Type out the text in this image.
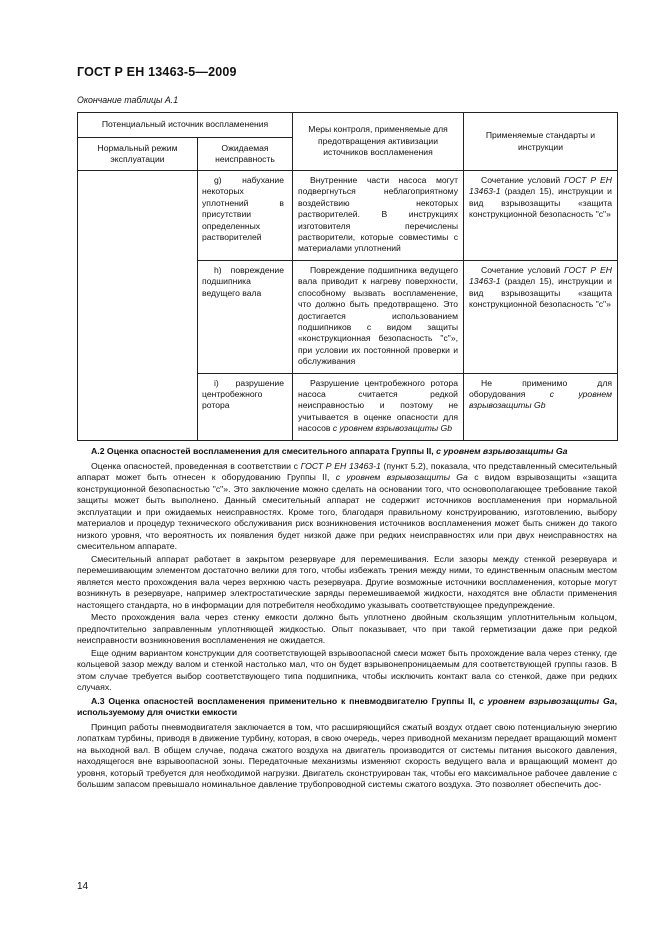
ГОСТ Р ЕН 13463-5—2009
Окончание таблицы А.1
Потенциальный источник воспламенения		Меры контроля, применяемые для предотвращения активизации источников воспламенения	Применяемые стандарты и инструкции
Нормальный режим эксплуатации	Ожидаемая неисправность		
	g) набухание некоторых уплотнений в присутствии определенных растворителей	Внутренние части насоса могут подвергнуться неблагоприятному воздействию некоторых растворителей. В инструкциях изготовителя перечислены растворители, которые совместимы с материалами уплотнений	Сочетание условий ГОСТ Р ЕН 13463-1 (раздел 15), инструкции и вид взрывозащиты «защита конструкционной безопасность "c"»
	h) повреждение подшипника ведущего вала	Повреждение подшипника ведущего вала приводит к нагреву поверхности, способному вызвать воспламенение, что должно быть предотвращено. Это достигается использованием подшипников с видом защиты «конструкционная безопасность "c"», при условии их постоянной проверки и обслуживания	Сочетание условий ГОСТ Р ЕН 13463-1 (раздел 15), инструкции и вид взрывозащиты «защита конструкционной безопасность "c"»
	i) разрушение центробежного ротора	Разрушение центробежного ротора насоса считается редкой неисправностью и поэтому не учитывается в оценке опасности для насосов с уровнем взрывозащиты Gb	Не применимо для оборудования с уровнем взрывозащиты Gb

А.2 Оценка опасностей воспламенения для смесительного аппарата Группы II, с уровнем взрывозащиты Ga

Оценка опасностей, проведенная в соответствии с ГОСТ Р ЕН 13463-1 (пункт 5.2), показала, что представленный смесительный аппарат может быть отнесен к оборудованию Группы II, с уровнем взрывозащиты Ga с видом взрывозащиты «защита конструкционной безопасностью "с"». Это заключение можно сделать на основании того, что основополагающее требование такой защиты может быть выполнено. Данный смесительный аппарат не содержит источников воспламенения при нормальной эксплуатации и при ожидаемых неисправностях. Кроме того, благодаря правильному конструированию, изготовлению, выбору материалов и процедур технического обслуживания риск возникновения источников воспламенения может быть снижен до такого низкого уровня, что вероятность их появления будет низкой даже при редких неисправностях или при двух неисправностях на смесительном аппарате.

Смесительный аппарат работает в закрытом резервуаре для перемешивания. Если зазоры между стенкой резервуара и перемешивающим элементом достаточно велики для того, чтобы избежать трения между ними, то единственным опасным местом является место прохождения вала через верхнюю часть резервуара. Другие возможные источники воспламенения, которые могут возникнуть в резервуаре, например электростатические заряды перемешиваемой жидкости, находятся вне области применения настоящего стандарта, но в информации для потребителя необходимо указывать соответствующее предупреждение.

Место прохождения вала через стенку емкости должно быть уплотнено двойным скользящим уплотнительным кольцом, предпочтительно заправленным уплотняющей жидкостью. Опыт показывает, что при такой герметизации даже при редкой неисправности возникновения воспламенения не ожидается.

Еще одним вариантом конструкции для соответствующей взрывоопасной смеси может быть прохождение вала через стенку, где кольцевой зазор между валом и стенкой настолько мал, что он будет взрывонепроницаемым для соответствующей группы газов. В этом случае требуется выбор соответствующего типа подшипника, чтобы исключить контакт вала со стенкой, даже при редких случаях.

А.3 Оценка опасностей воспламенения применительно к пневмодвигателю Группы II, с уровнем взрывозащиты Ga, используемому для очистки емкости

Принцип работы пневмодвигателя заключается в том, что расширяющийся сжатый воздух отдает свою потенциальную энергию лопаткам турбины, приводя в движение турбину, которая, в свою очередь, через приводной механизм передает вращающий момент на выходной вал. В общем случае, подача сжатого воздуха на двигатель производится от системы питания высокого давления, находящегося вне взрывоопасной зоны. Передаточные механизмы изменяют скорость ведущего вала и вращающий момент до уровня, который требуется для необходимой нагрузки. Двигатель сконструирован так, чтобы его максимальное рабочее давление с большим запасом превышало номинальное давление трубопроводной системы сжатого воздуха. Это позволяет обеспечить дос-

14
